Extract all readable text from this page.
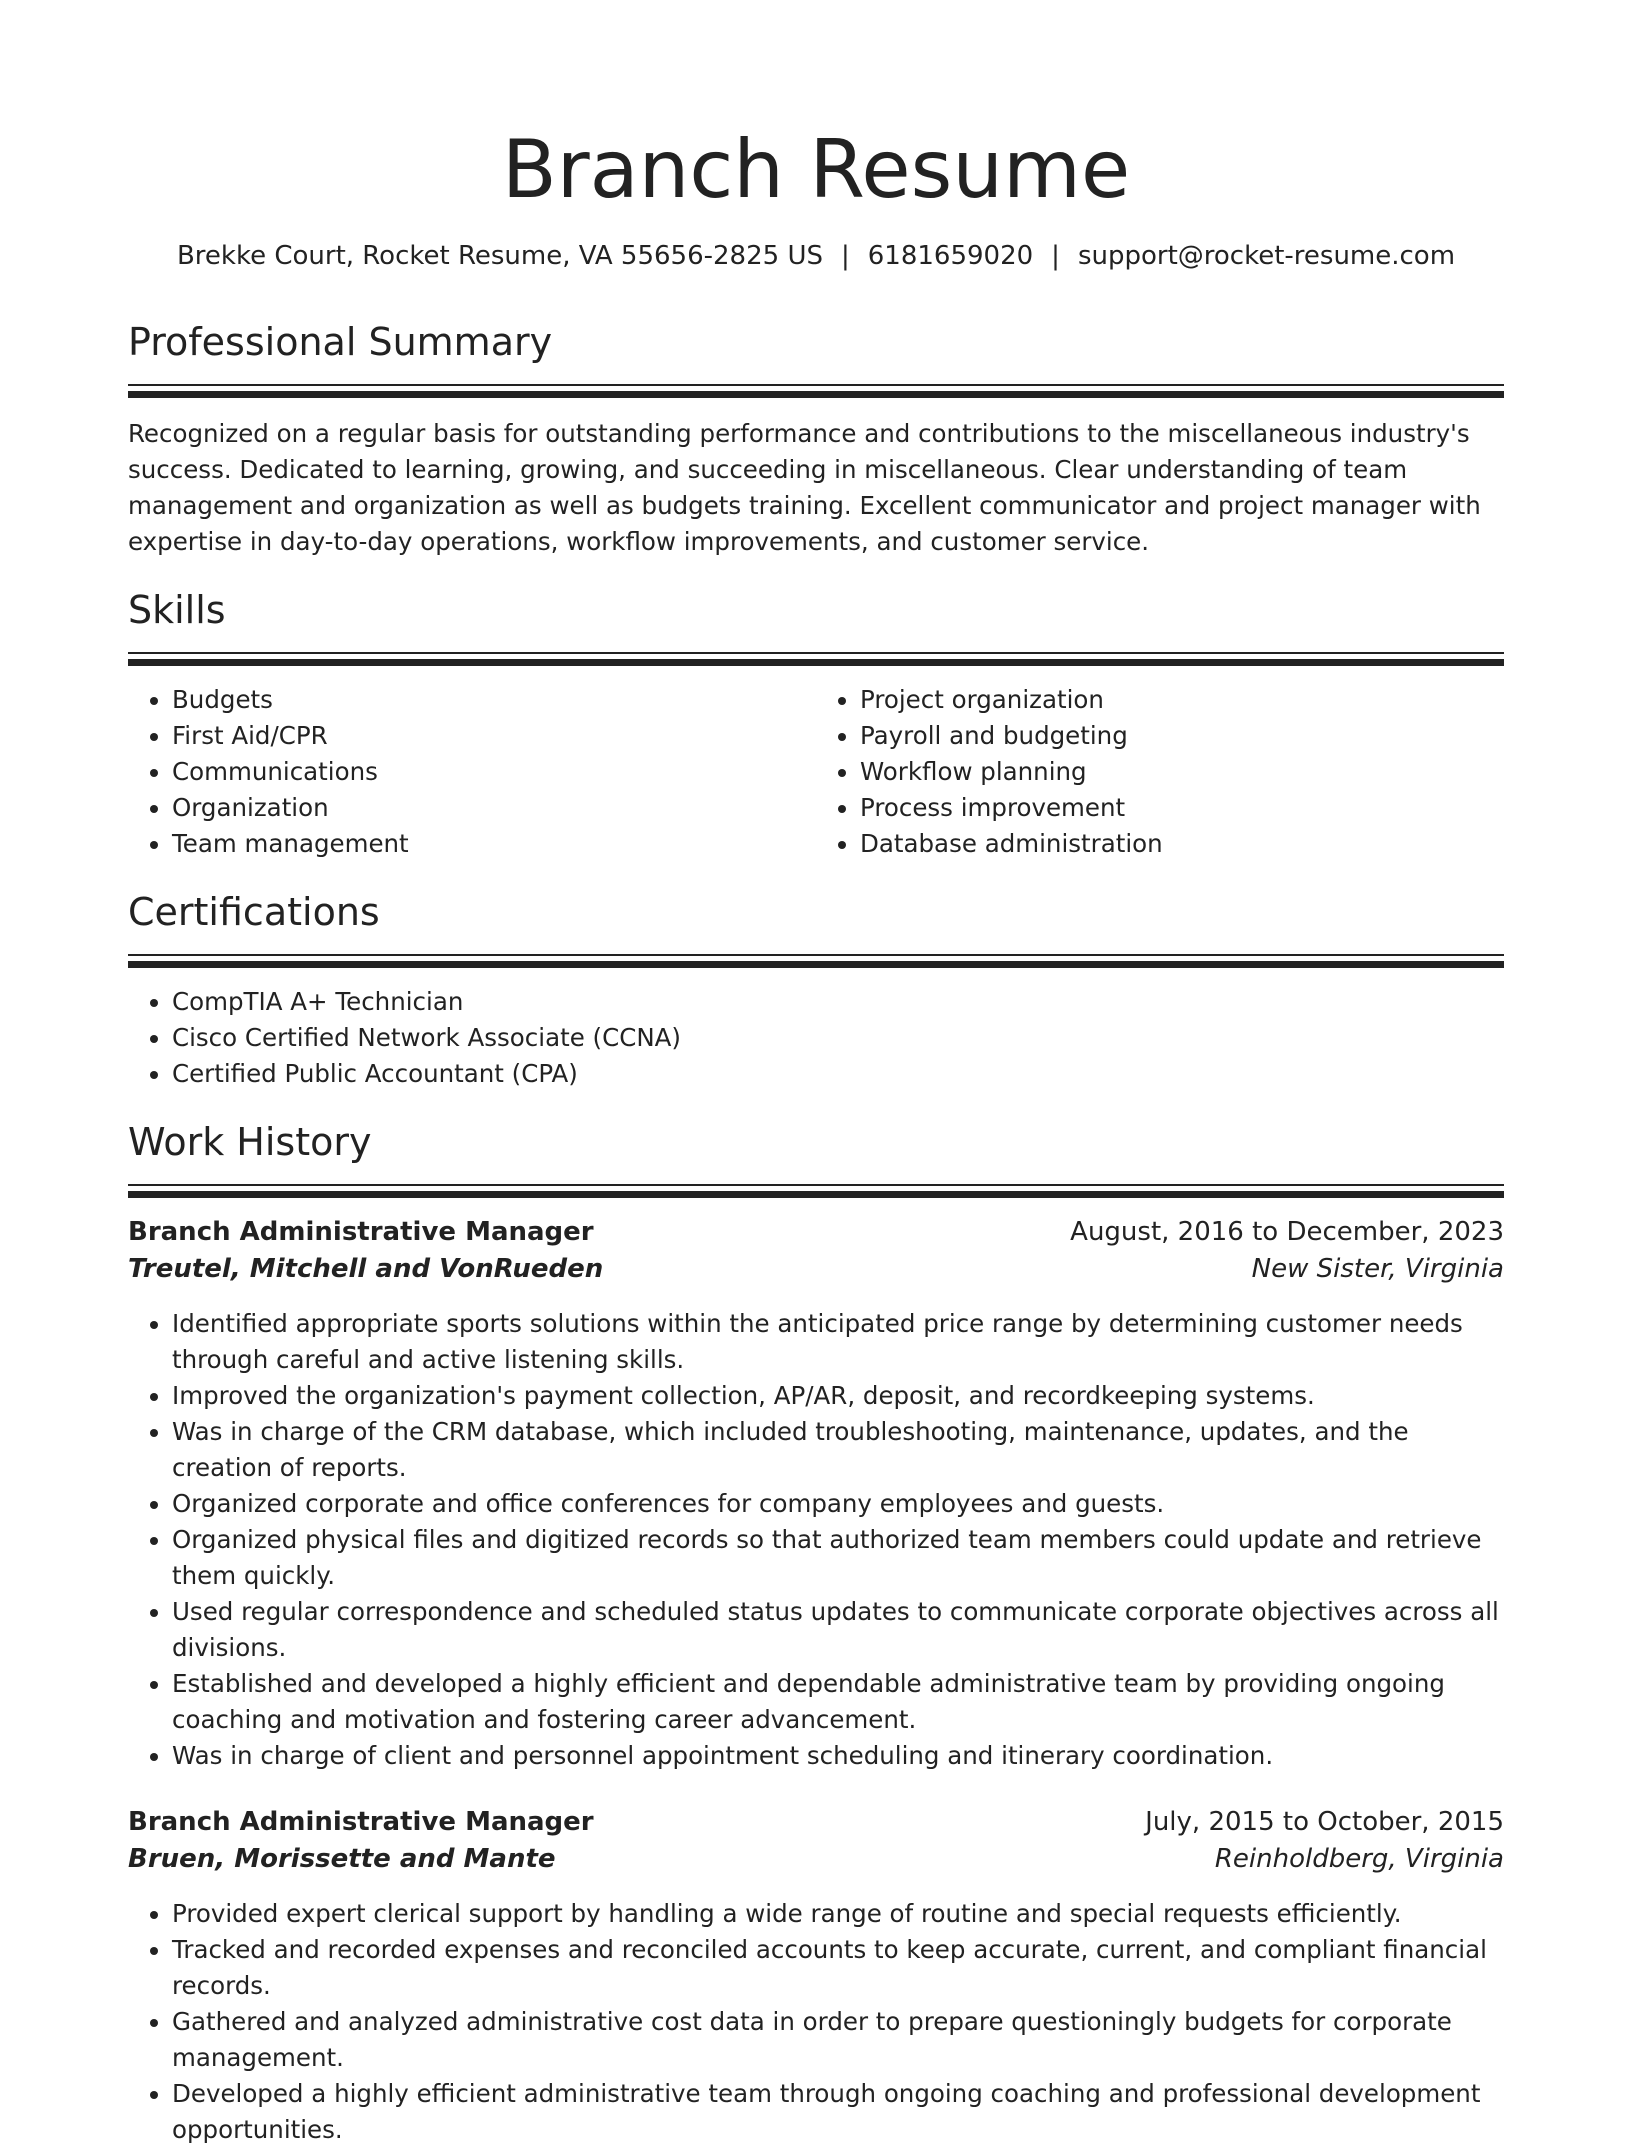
Branch Resume
Brekke Court, Rocket Resume, VA 55656-2825 US | 6181659020 | support@rocket-resume.com
Professional Summary

Recognized on a regular basis for outstanding performance and contributions to the miscellaneous industry's success. Dedicated to learning, growing, and succeeding in miscellaneous. Clear understanding of team management and organization as well as budgets training. Excellent communicator and project manager with expertise in day-to-day operations, workflow improvements, and customer service.

Skills
• Budgets
• First Aid/CPR
• Communications
• Organization
• Team management
• Project organization
• Payroll and budgeting
• Workflow planning
• Process improvement
• Database administration
Certifications
• CompTIA A+ Technician
• Cisco Certified Network Associate (CCNA)
• Certified Public Accountant (CPA)
Work History
Branch Administrative Manager	August, 2016 to December, 2023
Treutel, Mitchell and VonRueden	New Sister, Virginia
• Identified appropriate sports solutions within the anticipated price range by determining customer needs through careful and active listening skills.
• Improved the organization's payment collection, AP/AR, deposit, and recordkeeping systems.
• Was in charge of the CRM database, which included troubleshooting, maintenance, updates, and the creation of reports.
• Organized corporate and office conferences for company employees and guests.
• Organized physical files and digitized records so that authorized team members could update and retrieve them quickly.
• Used regular correspondence and scheduled status updates to communicate corporate objectives across all divisions.
• Established and developed a highly efficient and dependable administrative team by providing ongoing coaching and motivation and fostering career advancement.
• Was in charge of client and personnel appointment scheduling and itinerary coordination.
Branch Administrative Manager	July, 2015 to October, 2015
Bruen, Morissette and Mante	Reinholdberg, Virginia
• Provided expert clerical support by handling a wide range of routine and special requests efficiently.
• Tracked and recorded expenses and reconciled accounts to keep accurate, current, and compliant financial records.
• Gathered and analyzed administrative cost data in order to prepare questioningly budgets for corporate management.
• Developed a highly efficient administrative team through ongoing coaching and professional development opportunities.
